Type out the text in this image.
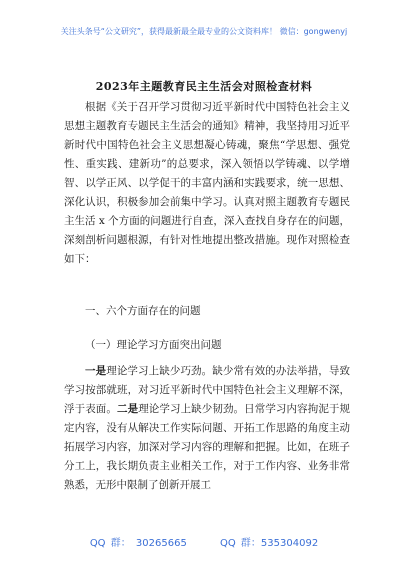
关注头条号“公文研究”，获得最新最全最专业的公文资料库！ 微信：gongwenyj
2023年主题教育民主生活会对照检查材料
根据《关于召开学习贯彻习近平新时代中国特色社会主义思想主题教育专题民主生活会的通知》精神，我坚持用习近平新时代中国特色社会主义思想凝心铸魂，聚焦“学思想、强党性、重实践、建新功”的总要求，深入领悟以学铸魂、以学增智、以学正风、以学促干的丰富内涵和实践要求，统一思想、深化认识，积极参加会前集中学习。认真对照主题教育专题民主生活 x 个方面的问题进行自查，深入查找自身存在的问题，深刻剖析问题根源，有针对性地提出整改措施。现作对照检查如下：
一、六个方面存在的问题
（一）理论学习方面突出问题
一是理论学习上缺少巧劲。缺少常有效的办法举措，导致学习按部就班，对习近平新时代中国特色社会主义理解不深，浮于表面。二是理论学习上缺少韧劲。日常学习内容拘泥于规定内容，没有从解决工作实际问题、开拓工作思路的角度主动拓展学习内容，加深对学习内容的理解和把握。比如，在班子分工上，我长期负责主业相关工作，对于工作内容、业务非常熟悉，无形中限制了创新开展工
QQ 群： 30265665	QQ 群：535304092
